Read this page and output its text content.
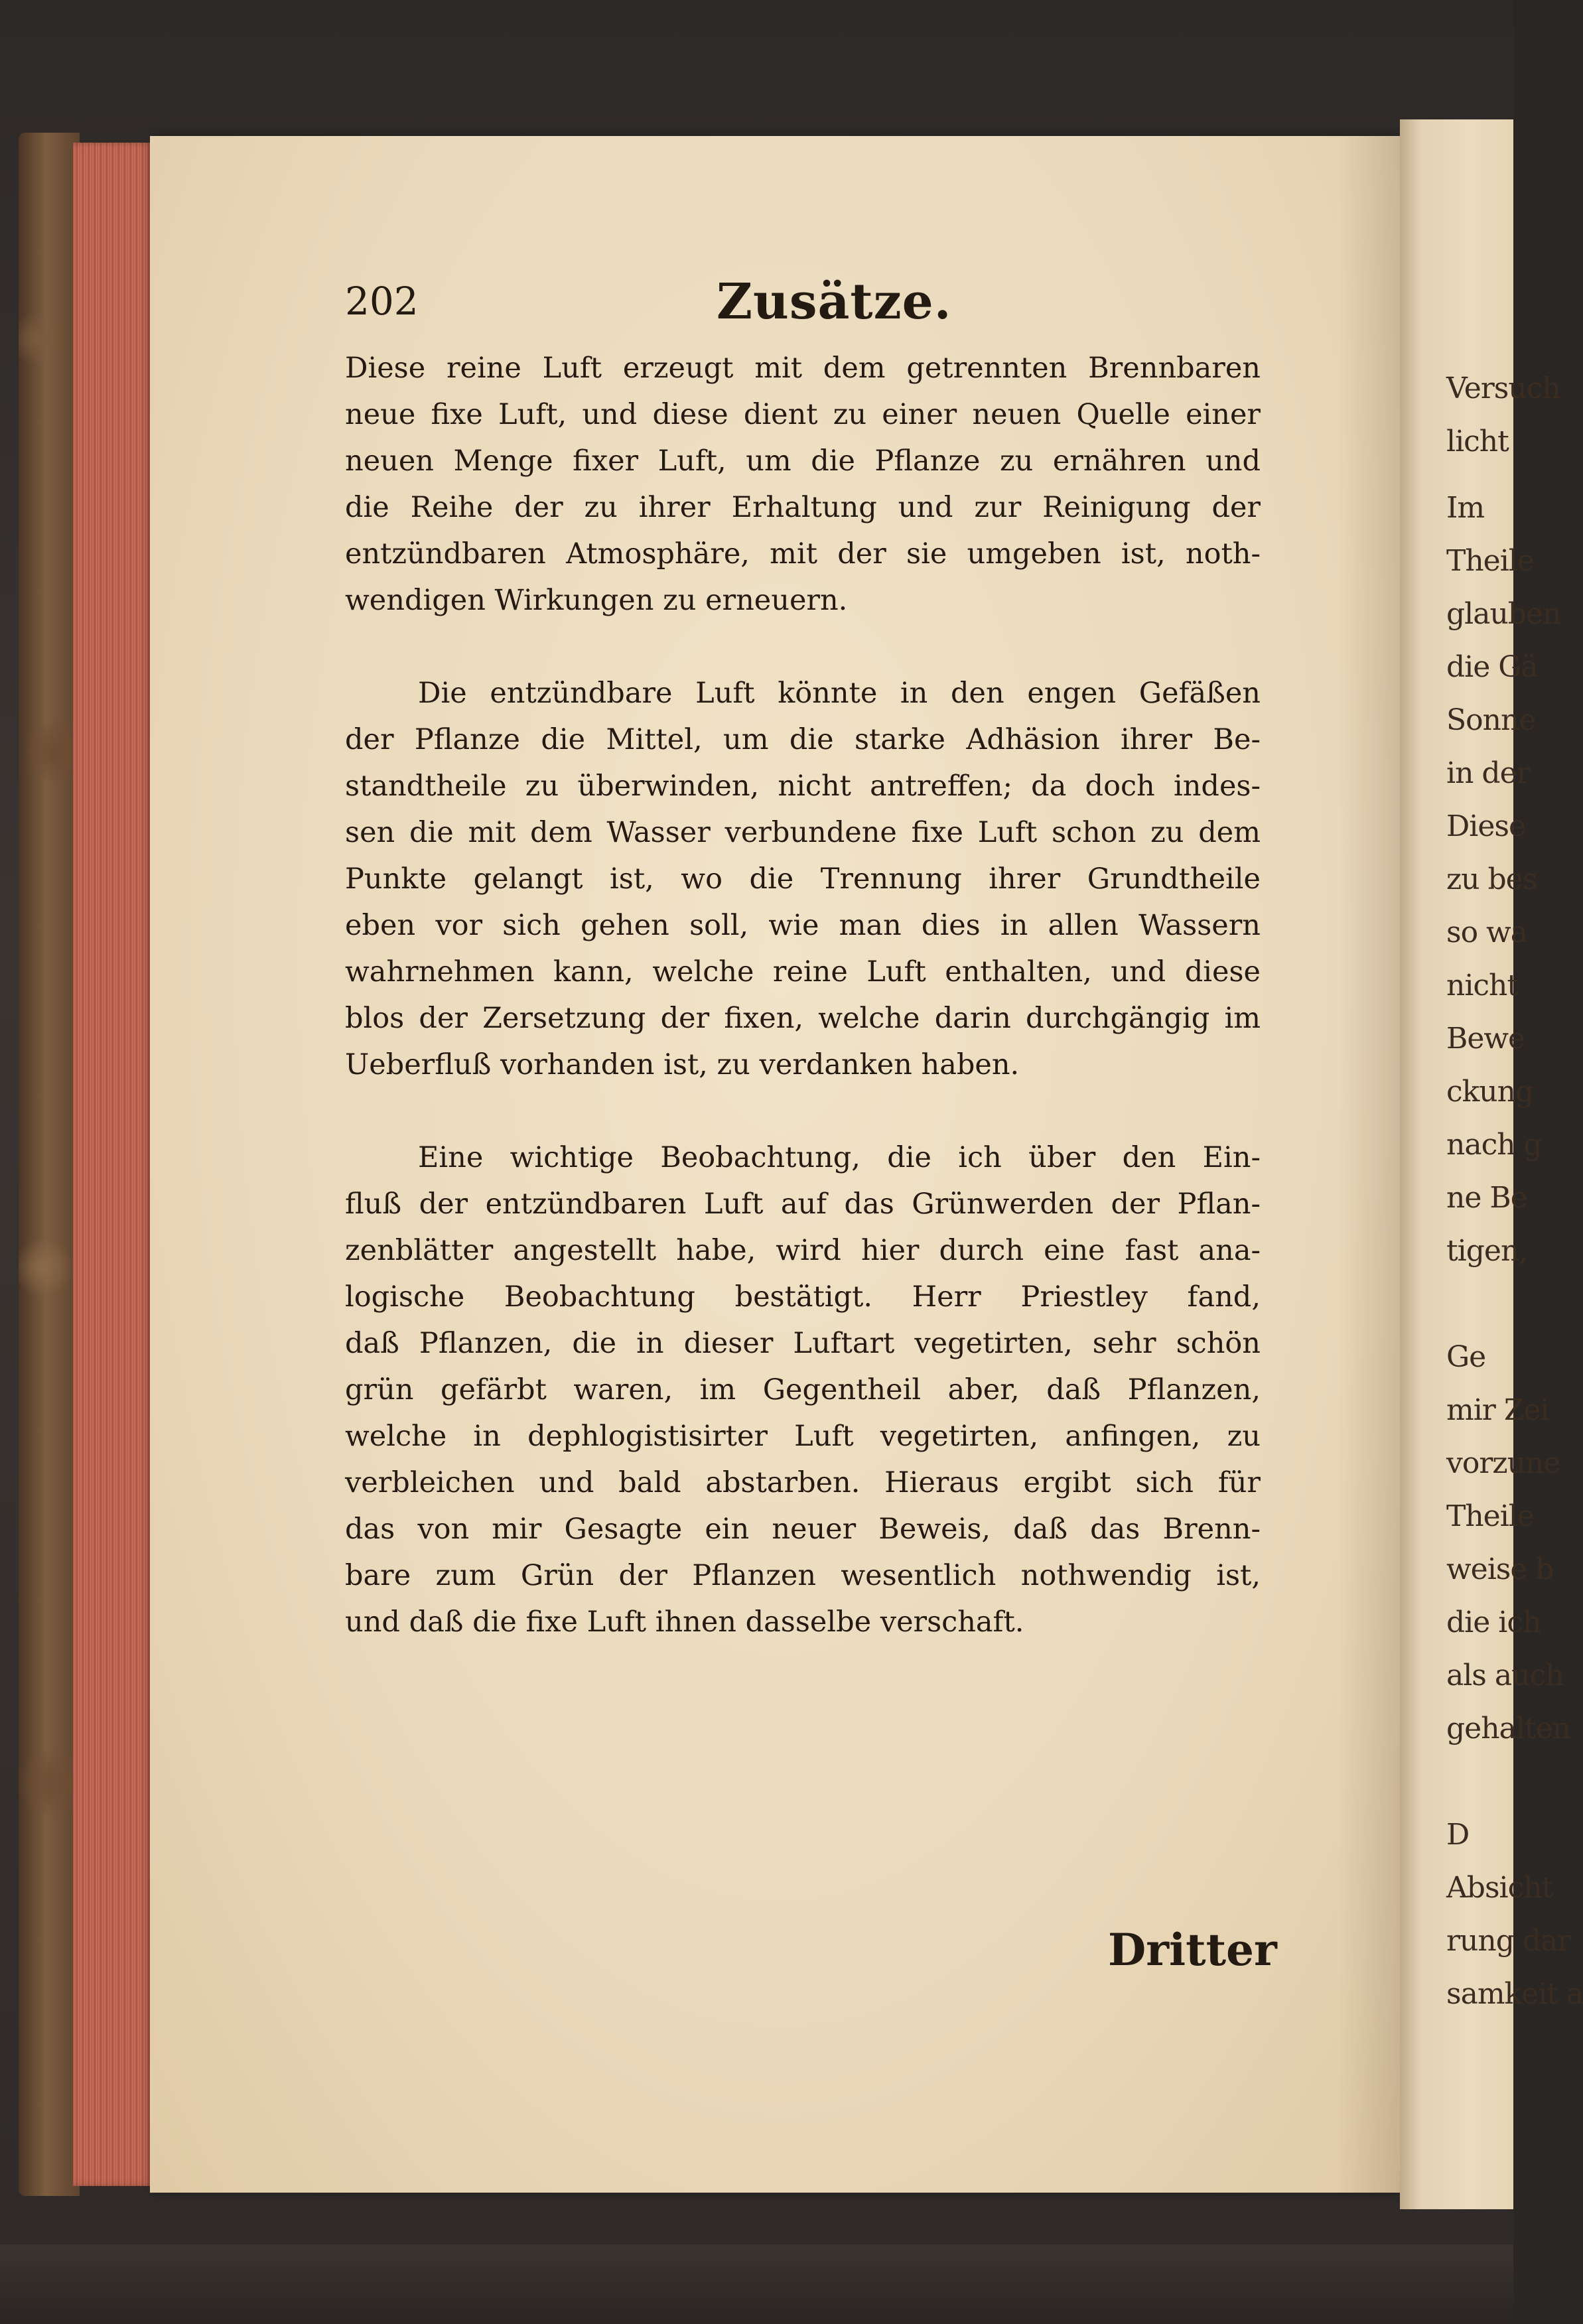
202	Zusätze.
Diese reine Luft erzeugt mit dem getrennten Brennbaren
neue fixe Luft, und diese dient zu einer neuen Quelle einer
neuen Menge fixer Luft, um die Pflanze zu ernähren und
die Reihe der zu ihrer Erhaltung und zur Reinigung der
entzündbaren Atmosphäre, mit der sie umgeben ist, noth-
wendigen Wirkungen zu erneuern.
Die entzündbare Luft könnte in den engen Gefäßen
der Pflanze die Mittel, um die starke Adhäsion ihrer Be-
standtheile zu überwinden, nicht antreffen; da doch indes-
sen die mit dem Wasser verbundene fixe Luft schon zu dem
Punkte gelangt ist, wo die Trennung ihrer Grundtheile
eben vor sich gehen soll, wie man dies in allen Wassern
wahrnehmen kann, welche reine Luft enthalten, und diese
blos der Zersetzung der fixen, welche darin durchgängig im
Ueberfluß vorhanden ist, zu verdanken haben.
Eine wichtige Beobachtung, die ich über den Ein-
fluß der entzündbaren Luft auf das Grünwerden der Pflan-
zenblätter angestellt habe, wird hier durch eine fast ana-
logische Beobachtung bestätigt. Herr Priestley fand,
daß Pflanzen, die in dieser Luftart vegetirten, sehr schön
grün gefärbt waren, im Gegentheil aber, daß Pflanzen,
welche in dephlogistisirter Luft vegetirten, anfingen, zu
verbleichen und bald abstarben. Hieraus ergibt sich für
das von mir Gesagte ein neuer Beweis, daß das Brenn-
bare zum Grün der Pflanzen wesentlich nothwendig ist,
und daß die fixe Luft ihnen dasselbe verschaft.
Dritter
Versuch
licht
Im
Theile
glauben
die Gä
Sonne
in der
Diese
zu bes
so wa
nicht
Bewe
ckung
nach g
ne Be
tigen,
Ge
mir Zei
vorzune
Theile
weise b
die ich
als auch
gehalten
D
Absicht
rung dar
samkeit a
